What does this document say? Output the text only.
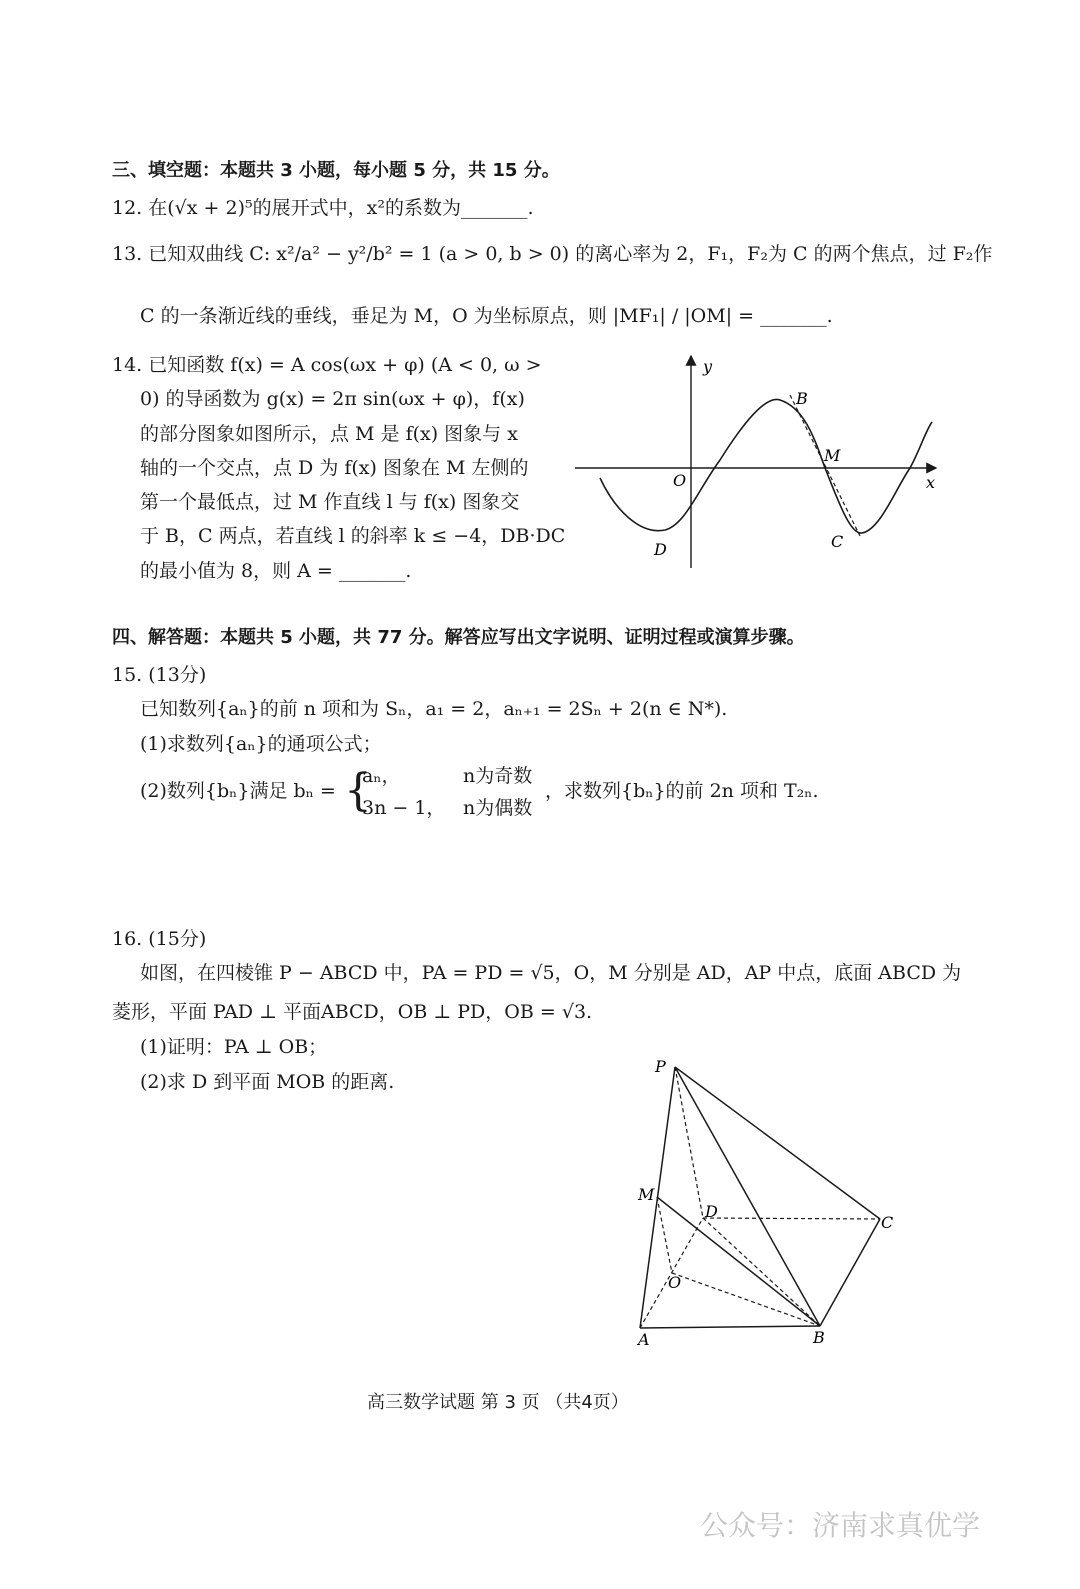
三、填空题：本题共 3 小题，每小题 5 分，共 15 分。
12. 在(√x + 2)⁵的展开式中，x²的系数为_______.
13. 已知双曲线 C: x²/a² − y²/b² = 1 (a > 0, b > 0) 的离心率为 2，F₁，F₂为 C 的两个焦点，过 F₂作
C 的一条渐近线的垂线，垂足为 M，O 为坐标原点，则 |MF₁| / |OM| = _______.
14. 已知函数 f(x) = A cos(ωx + φ) (A < 0, ω >
0) 的导函数为 g(x) = 2π sin(ωx + φ)，f(x)
的部分图象如图所示，点 M 是 f(x) 图象与 x
轴的一个交点，点 D 为 f(x) 图象在 M 左侧的
第一个最低点，过 M 作直线 l 与 f(x) 图象交
于 B，C 两点，若直线 l 的斜率 k ≤ −4，DB·DC
的最小值为 8，则 A = _______.
y
x
O
B
M
C
D
四、解答题：本题共 5 小题，共 77 分。解答应写出文字说明、证明过程或演算步骤。
15. (13分)
已知数列{aₙ}的前 n 项和为 Sₙ，a₁ = 2，aₙ₊₁ = 2Sₙ + 2(n ∈ N*).
(1)求数列{aₙ}的通项公式；
(2)数列{bₙ}满足 bₙ = {
aₙ，	n为奇数
3n − 1， n为偶数
，求数列{bₙ}的前 2n 项和 T₂ₙ.
16. (15分)
如图，在四棱锥 P − ABCD 中，PA = PD = √5，O，M 分别是 AD，AP 中点，底面 ABCD 为
菱形，平面 PAD ⊥ 平面ABCD，OB ⊥ PD，OB = √3.
(1)证明：PA ⊥ OB；
(2)求 D 到平面 MOB 的距离.
P
M
D
C
O
A	B
高三数学试题 第 3 页 （共4页）
公众号：济南求真优学
